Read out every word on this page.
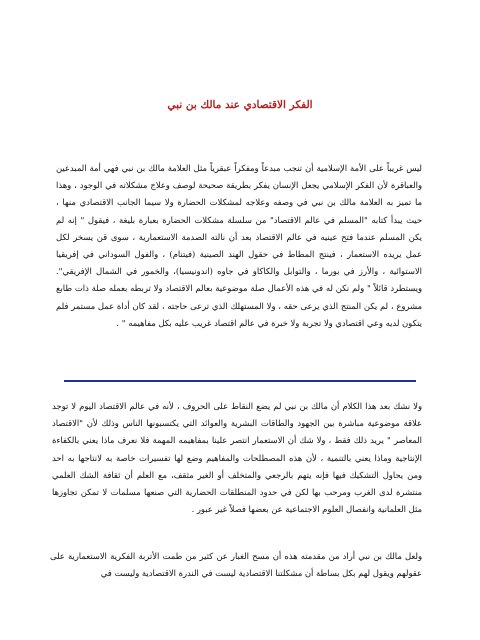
الفكر الاقتصادي عند مالك بن نبي

ليس غريباً على الأمة الإسلامية أن تنجب مبدعاً ومفكراً عبقرياً مثل العلامة مالك بن نبي فهي أمة المبدعين والعباقرة لأن الفكر الإسلامي يجعل الإنسان يفكر بطريقة صحيحة لوصف وعلاج مشكلاته في الوجود ، وهذا ما تميز به العلامة مالك بن نبي في وصفه وعلاجه لمشكلات الحضارة ولا سيما الجانب الاقتصادي منها ، حيث يبدأ كتابه "المسلم في عالم الاقتصاد" من سلسلة مشكلات الحضارة بعبارة بليغة ، فيقول " إنه لم يكن المسلم عندما فتح عينيه في عالم الاقتصاد بعد أن نالته الصدمة الاستعمارية ، سوى قن يسخر لكل عمل يريده الاستعمار ، فينتج المطاط في حقول الهند الصينية (فيتنام) ، والفول السوداني في إفريقيا الاستوائية ، والأرز في بورما ، والتوابل والكاكاو في جاوه (اندونيسيا)، والخمور في الشمال الإفريقي". ويستطرد قائلاً " ولم نكن له في هذه الأعمال صلة موضوعية بعالم الاقتصاد ولا تربطه بعمله صلة ذات طابع مشروع ، لم يكن المنتج الذي يرعى حقه ، ولا المستهلك الذي ترعى حاجته ، لقد كان أداة عمل مستمر فلم يتكون لديه وعي اقتصادي ولا تجربة ولا خبرة في عالم اقتصاد غريب عليه بكل مفاهيمه " .

ولا نشك بعد هذا الكلام أن مالك بن نبي لم يضع النقاط على الحروف ، لأنه في عالم الاقتصاد اليوم لا توجد علاقة موضوعية مباشرة بين الجهود والطاقات البشرية والعوائد التي يكتسبونها الناس وذلك لأن "الاقتصاد المعاصر " يريد ذلك فقط ، ولا شك أن الاستعمار انتصر علينا بمفاهيمه المهمة فلا نعرف ماذا يعني بالكفاءة الإنتاجية وماذا يعني بالتنمية ، لأن هذه المصطلحات والمفاهيم وضع لها تفسيرات خاصة به لانتاجها به احد ومن يحاول التشكيك فيها فإنه يتهم بالرجعي والمتخلف أو الغير مثقف، مع العلم أن ثقافة الشك العلمي منتشرة لدى الغرب ومرحب بها لكن في حدود المنطلقات الحضارية التي صنعها مسلمات لا تمكن تجاوزها مثل العلمانية وانفصال العلوم الاجتماعية عن بعضها فصلاً غير عبور .

ولعل مالك بن نبي أراد من مقدمته هذه أن مسح الغبار عن كثير من طمت الأتربة الفكرية الاستعمارية على عقولهم ويقول لهم بكل بساطة أن مشكلتنا الاقتصادية ليست في الندرة الاقتصادية وليست في
